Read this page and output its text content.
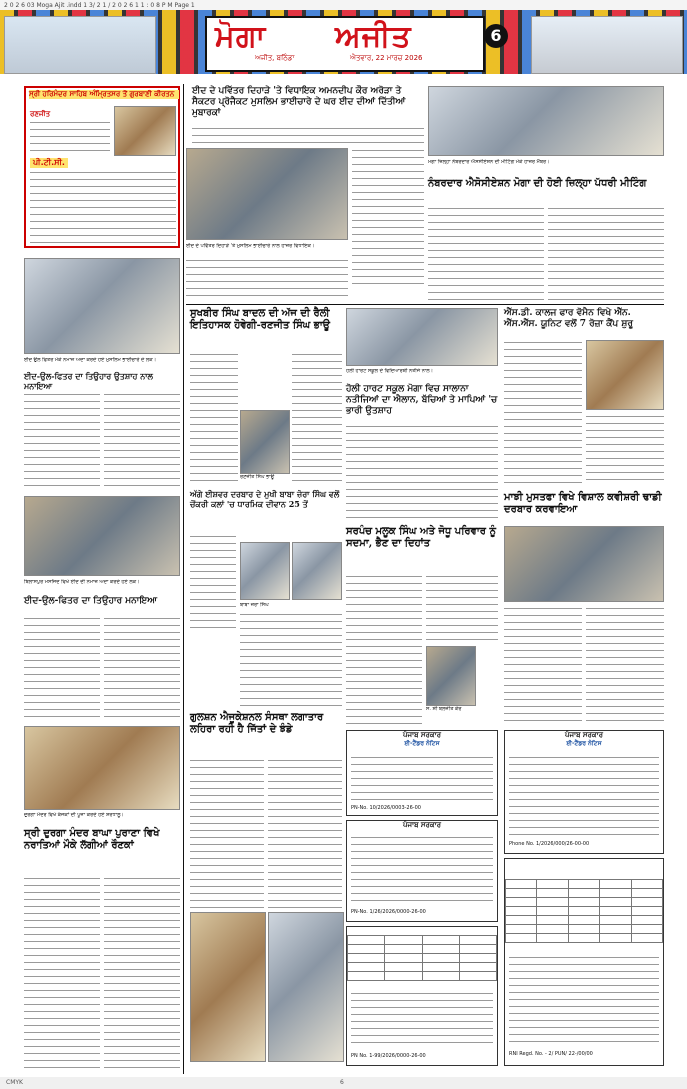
2 0 2 6 03 Moga Ajit .indd 1 3/ 2 1 / 2 0 2 6 1 1 : 0 8 P M Page 1
ਮੋਗਾ ਅਜੀਤ	6
ਅਜੀਤ, ਬਠਿੰਡਾ	ਐਤਵਾਰ, 22 ਮਾਰਚ 2026
ਸ੍ਰੀ ਹਰਿਮੰਦਰ ਸਾਹਿਬ ਅੰਮ੍ਰਿਤਸਰ ਤੋਂ ਗੁਰਬਾਣੀ ਕੀਰਤਨ
ਰਣਜੀਤ
ਪੀ.ਟੀ.ਸੀ.
ਈਦ ਉਲ ਫਿਤਰ ਮੌਕੇ ਨਮਾਜ਼ ਅਦਾ ਕਰਦੇ ਹੋਏ ਮੁਸਲਿਮ ਭਾਈਚਾਰੇ ਦੇ ਲੋਕ।
ਈਦ-ਉਲ-ਫਿਤਰ ਦਾ ਤਿਉਹਾਰ ਉਤਸ਼ਾਹ ਨਾਲ ਮਨਾਇਆ
ਬਿਲਾਸਪੁਰ ਮਸਜਿਦ ਵਿਖੇ ਈਦ ਦੀ ਨਮਾਜ਼ ਅਦਾ ਕਰਦੇ ਹੋਏ ਲੋਕ।
ਈਦ-ਉਲ-ਫਿਤਰ ਦਾ ਤਿਉਹਾਰ ਮਨਾਇਆ
ਦੁਰਗਾ ਮੰਦਰ ਵਿਖੇ ਕੰਜਕਾਂ ਦੀ ਪੂਜਾ ਕਰਦੇ ਹੋਏ ਸ਼ਰਧਾਲੂ।
ਸ੍ਰੀ ਦੁਰਗਾ ਮੰਦਰ ਬਾਘਾ ਪੁਰਾਣਾ ਵਿਖੇ ਨਰਾਤਿਆਂ ਮੌਕੇ ਲੱਗੀਆਂ ਰੌਣਕਾਂ
ਈਦ ਦੇ ਪਵਿੱਤਰ ਦਿਹਾੜੇ 'ਤੇ ਵਿਧਾਇਕ ਅਮਨਦੀਪ ਕੌਰ ਅਰੋੜਾ ਤੇ ਸੈਕਟਰ ਪ੍ਰੋਜੈਕਟ ਮੁਸਲਿਮ ਭਾਈਚਾਰੇ ਦੇ ਘਰ ਈਦ ਦੀਆਂ ਦਿੱਤੀਆਂ ਮੁਬਾਰਕਾਂ
ਈਦ ਦੇ ਪਵਿੱਤਰ ਦਿਹਾੜੇ 'ਤੇ ਮੁਸਲਿਮ ਭਾਈਚਾਰੇ ਨਾਲ ਹਾਜ਼ਰ ਵਿਧਾਇਕ।
ਮੋਗਾ ਜ਼ਿਲ੍ਹਾ ਨੰਬਰਦਾਰ ਐਸੋਸੀਏਸ਼ਨ ਦੀ ਮੀਟਿੰਗ ਮੌਕੇ ਹਾਜ਼ਰ ਮੈਂਬਰ।
ਨੰਬਰਦਾਰ ਐਸੋਸੀਏਸ਼ਨ ਮੋਗਾ ਦੀ ਹੋਈ ਜ਼ਿਲ੍ਹਾ ਪੱਧਰੀ ਮੀਟਿੰਗ
ਸੁਖਬੀਰ ਸਿੰਘ ਬਾਦਲ ਦੀ ਅੱਜ ਦੀ ਰੈਲੀ ਇਤਿਹਾਸਕ ਹੋਵੇਗੀ-ਰਣਜੀਤ ਸਿੰਘ ਭਾਊ
ਰਣਜੀਤ ਸਿੰਘ ਭਾਊ
ਹੋਲੀ ਹਾਰਟ ਸਕੂਲ ਦੇ ਵਿਦਿਆਰਥੀ ਨਤੀਜੇ ਨਾਲ।
ਹੋਲੀ ਹਾਰਟ ਸਕੂਲ ਮੋਗਾ ਵਿਚ ਸਾਲਾਨਾ ਨਤੀਜਿਆਂ ਦਾ ਐਲਾਨ, ਬੱਚਿਆਂ ਤੇ ਮਾਪਿਆਂ 'ਚ ਭਾਰੀ ਉਤਸ਼ਾਹ
ਐੱਸ.ਡੀ. ਕਾਲਜ ਫਾਰ ਵੋਮੈਨ ਵਿਖੇ ਐੱਨ. ਐੱਸ.ਐੱਸ. ਯੂਨਿਟ ਵਲੋਂ 7 ਰੋਜ਼ਾ ਕੈਂਪ ਸ਼ੁਰੂ
ਅੱਗੇ ਈਸ਼ਵਰ ਦਰਬਾਰ ਦੇ ਮੁਖੀ ਬਾਬਾ ਜ਼ੋਰਾ ਸਿੰਘ ਵਲੋਂ ਚੋਂਕਰੀ ਕਲਾਂ 'ਚ ਧਾਰਮਿਕ ਦੀਵਾਨ 25 ਤੋਂ
ਬਾਬਾ ਜ਼ੋਰਾ ਸਿੰਘ
ਸਰਪੰਚ ਮਲੂਕ ਸਿੰਘ ਅਤੇ ਜੋਧੂ ਪਰਿਵਾਰ ਨੂੰ ਸਦਮਾ, ਭੈਣ ਦਾ ਦਿਹਾਂਤ
ਸ. ਸ਼ੀ ਬਲਜੀਤ ਕੌਰ
ਮਾਝੀ ਮੁਸਤਫਾ ਵਿਖੇ ਵਿਸ਼ਾਲ ਕਵੀਸ਼ਰੀ ਢਾਡੀ ਦਰਬਾਰ ਕਰਵਾਇਆ
ਗੁਲਸ਼ਨ ਐਜੂਕੇਸ਼ਨਲ ਸੰਸਥਾ ਲਗਾਤਾਰ ਲਹਿਰਾ ਰਹੀ ਹੈ ਜਿੱਤਾਂ ਦੇ ਝੰਡੇ	ਪੰਜਾਬ ਸਰਕਾਰ
ਈ-ਟੈਂਡਰ ਨੋਟਿਸ
PN-No. 10/2026/0003-26-00
ਪੰਜਾਬ ਸਰਕਾਰ
PN-No. 1/26/2026/0000-26-00
ਪੰਜਾਬ ਸਰਕਾਰ
ਈ-ਟੈਂਡਰ ਨੋਟਿਸ
Phone No. 1/2026/000/26-00-00

PN No. 1-99/2026/0000-26-00

					RNI Regd. No. - 2/ PUN/ 22-/00/00
CMYK	6
